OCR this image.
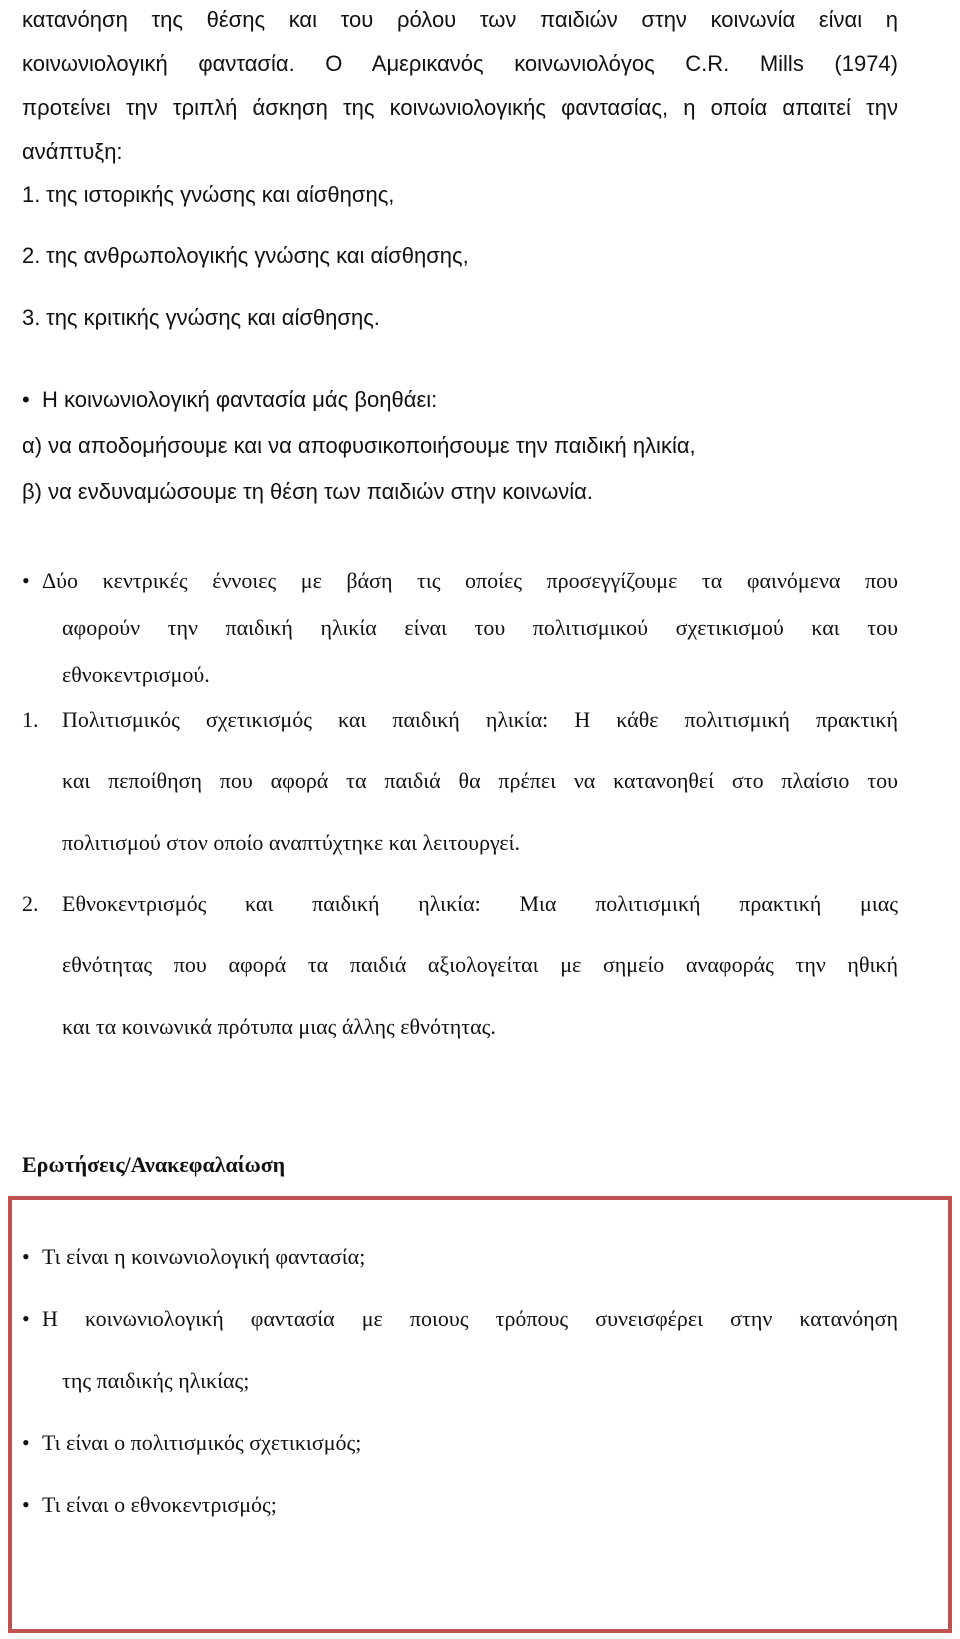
κατανόηση της θέσης και του ρόλου των παιδιών στην κοινωνία είναι η
κοινωνιολογική φαντασία. Ο Αμερικανός κοινωνιολόγος C.R. Mills (1974)
προτείνει την τριπλή άσκηση της κοινωνιολογικής φαντασίας, η οποία απαιτεί την
ανάπτυξη:
1. της ιστορικής γνώσης και αίσθησης,
2. της ανθρωπολογικής γνώσης και αίσθησης,
3. της κριτικής γνώσης και αίσθησης.
• Η κοινωνιολογική φαντασία μάς βοηθάει:
α) να αποδομήσουμε και να αποφυσικοποιήσουμε την παιδική ηλικία,
β) να ενδυναμώσουμε τη θέση των παιδιών στην κοινωνία.
• Δύο κεντρικές έννοιες με βάση τις οποίες προσεγγίζουμε τα φαινόμενα που
αφορούν την παιδική ηλικία είναι του πολιτισμικού σχετικισμού και του
εθνοκεντρισμού.
1. Πολιτισμικός σχετικισμός και παιδική ηλικία: Η κάθε πολιτισμική πρακτική
και πεποίθηση που αφορά τα παιδιά θα πρέπει να κατανοηθεί στο πλαίσιο του
πολιτισμού στον οποίο αναπτύχτηκε και λειτουργεί.
2. Εθνοκεντρισμός και παιδική ηλικία: Μια πολιτισμική πρακτική μιας
εθνότητας που αφορά τα παιδιά αξιολογείται με σημείο αναφοράς την ηθική
και τα κοινωνικά πρότυπα μιας άλλης εθνότητας.
Ερωτήσεις/Ανακεφαλαίωση
• Τι είναι η κοινωνιολογική φαντασία;
• Η κοινωνιολογική φαντασία με ποιους τρόπους συνεισφέρει στην κατανόηση
της παιδικής ηλικίας;
• Τι είναι ο πολιτισμικός σχετικισμός;
• Τι είναι ο εθνοκεντρισμός;
